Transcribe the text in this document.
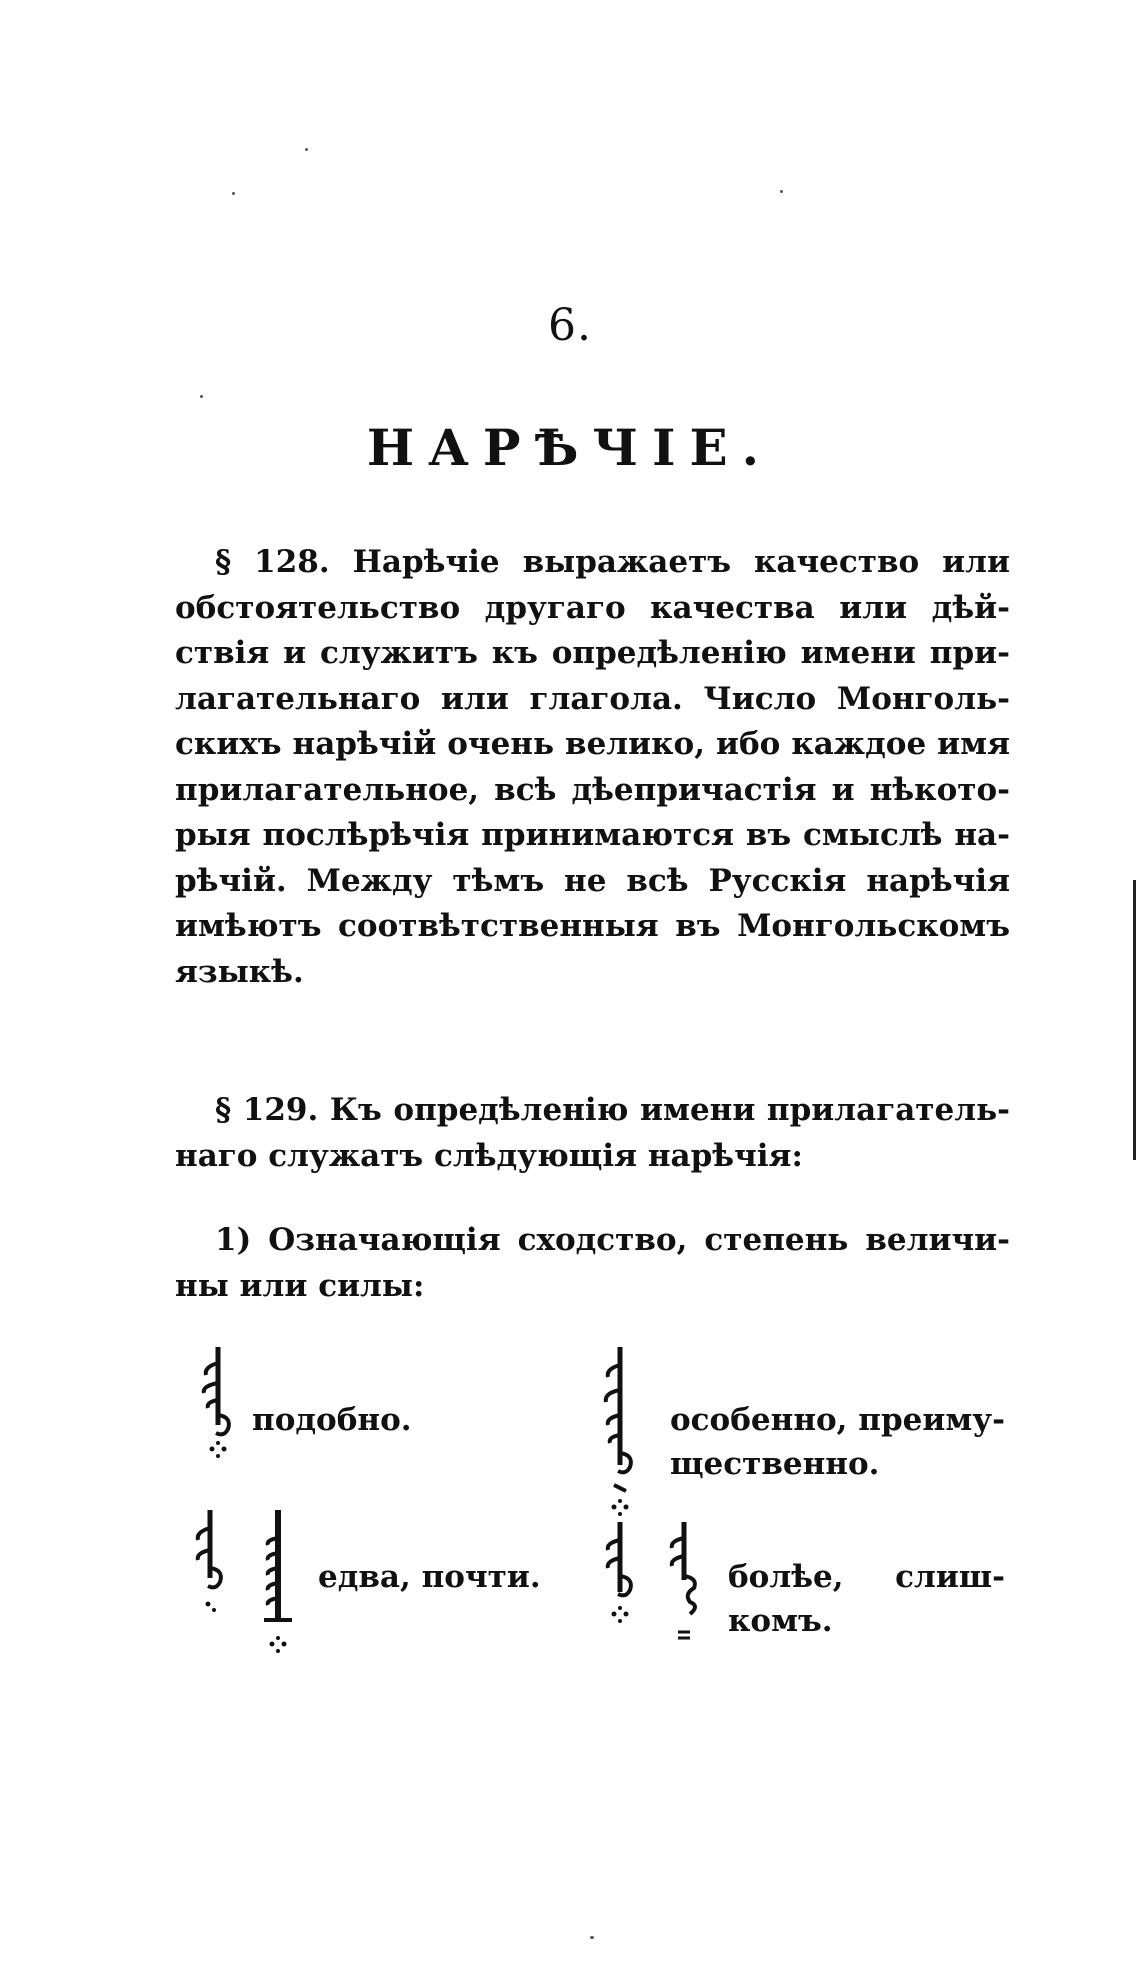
6.
НАРѢЧІЕ.
§ 128. Нарѣчіе выражаетъ качество или
обстоятельство другаго качества или дѣй-
ствія и служитъ къ опредѣленію имени при-
лагательнаго или глагола. Число Монголь-
скихъ нарѣчій очень велико, ибо каждое имя
прилагательное, всѣ дѣепричастія и нѣкото-
рыя послѣрѣчія принимаются въ смыслѣ на-
рѣчій. Между тѣмъ не всѣ Русскія нарѣчія
имѣютъ соотвѣтственныя въ Монгольскомъ
языкѣ.
§ 129. Къ опредѣленію имени прилагатель-
наго служатъ слѣдующія нарѣчія:
1) Означающія сходство, степень величи-
ны или силы:
подобно.	особенно, преиму-
щественно.
едва, почти.	болѣе, слиш-
комъ.
